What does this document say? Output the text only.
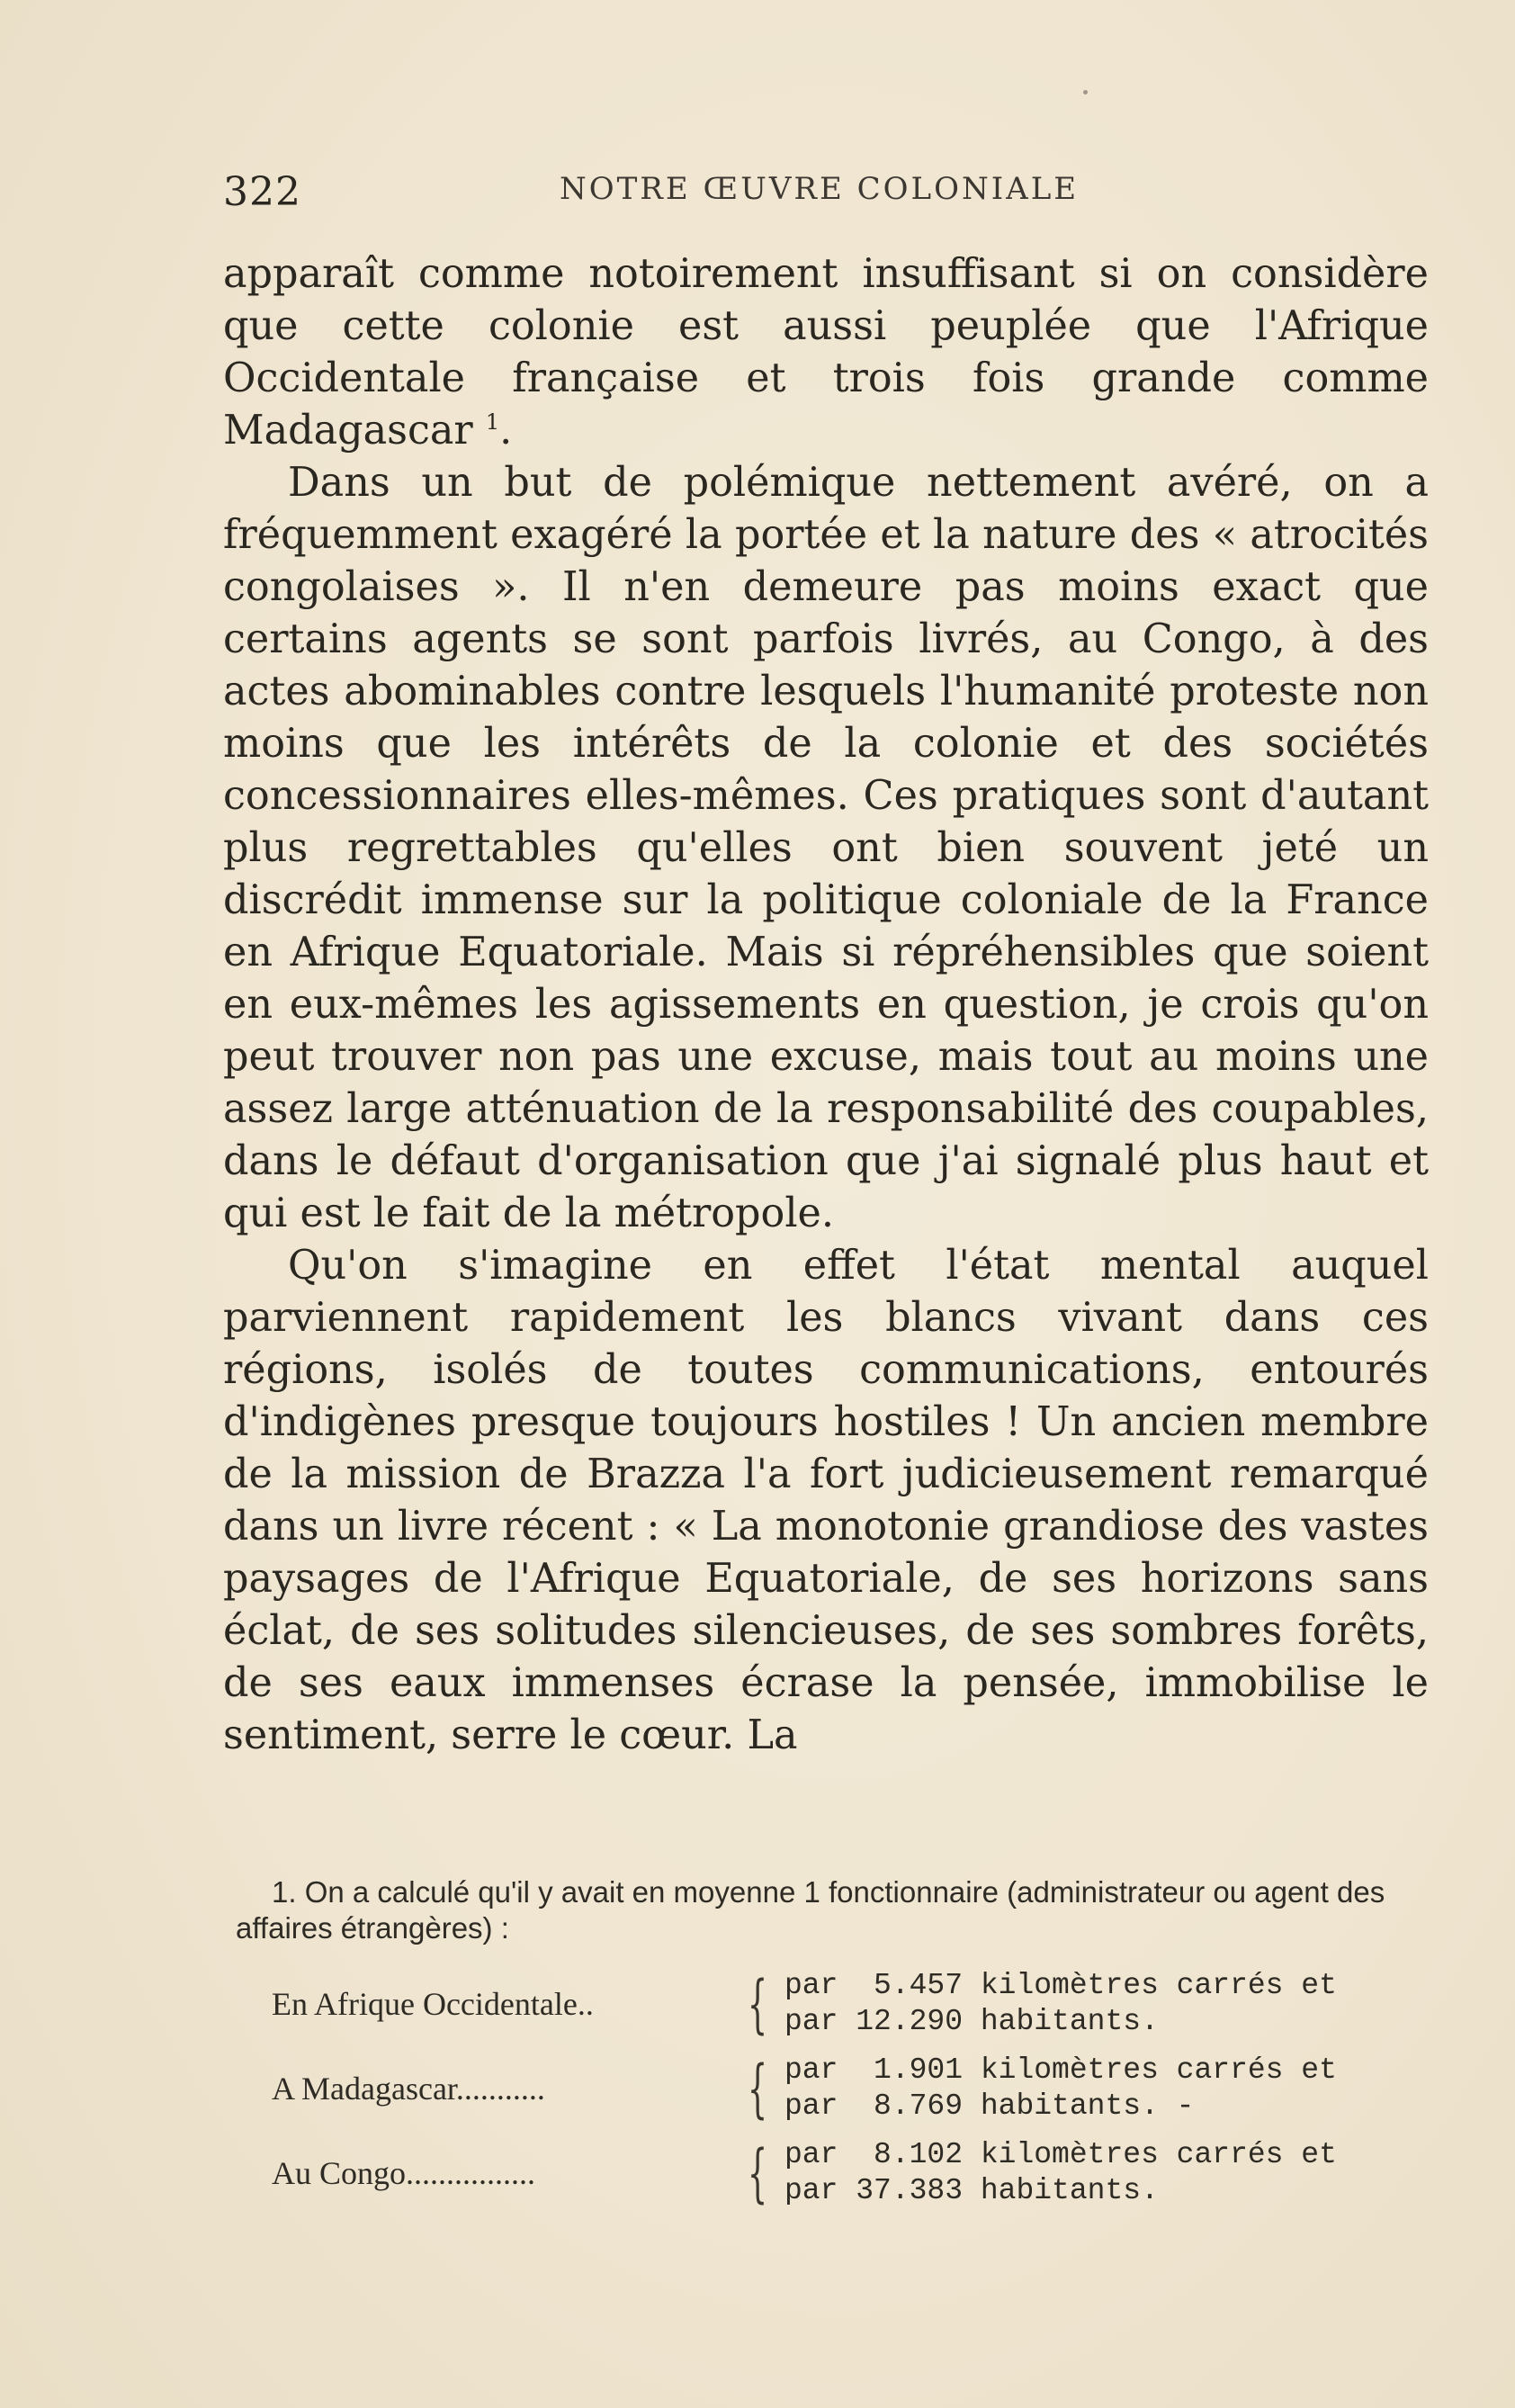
322	NOTRE ŒUVRE COLONIALE

apparaît comme notoirement insuffisant si on considère que cette colonie est aussi peuplée que l'Afrique Occidentale française et trois fois grande comme Madagascar $^1$.

Dans un but de polémique nettement avéré, on a fréquemment exagéré la portée et la nature des « atrocités congolaises ». Il n'en demeure pas moins exact que certains agents se sont parfois livrés, au Congo, à des actes abominables contre lesquels l'humanité proteste non moins que les intérêts de la colonie et des sociétés concessionnaires elles-mêmes. Ces pratiques sont d'autant plus regrettables qu'elles ont bien souvent jeté un discrédit immense sur la politique coloniale de la France en Afrique Equatoriale. Mais si répréhensibles que soient en eux-mêmes les agissements en question, je crois qu'on peut trouver non pas une excuse, mais tout au moins une assez large atténuation de la responsabilité des coupables, dans le défaut d'organisation que j'ai signalé plus haut et qui est le fait de la métropole.

Qu'on s'imagine en effet l'état mental auquel parviennent rapidement les blancs vivant dans ces régions, isolés de toutes communications, entourés d'indigènes presque toujours hostiles ! Un ancien membre de la mission de Brazza l'a fort judicieusement remarqué dans un livre récent : « La monotonie grandiose des vastes paysages de l'Afrique Equatoriale, de ses horizons sans éclat, de ses solitudes silencieuses, de ses sombres forêts, de ses eaux immenses écrase la pensée, immobilise le sentiment, serre le cœur. La

1. On a calculé qu'il y avait en moyenne 1 fonctionnaire (administrateur ou agent des affaires étrangères) :

En Afrique Occidentale..	{ par  5.457 kilomètres carrés et
par 12.290 habitants.
A Madagascar...........	{ par  1.901 kilomètres carrés et
par  8.769 habitants. -
Au Congo................	{ par  8.102 kilomètres carrés et
par 37.383 habitants.
